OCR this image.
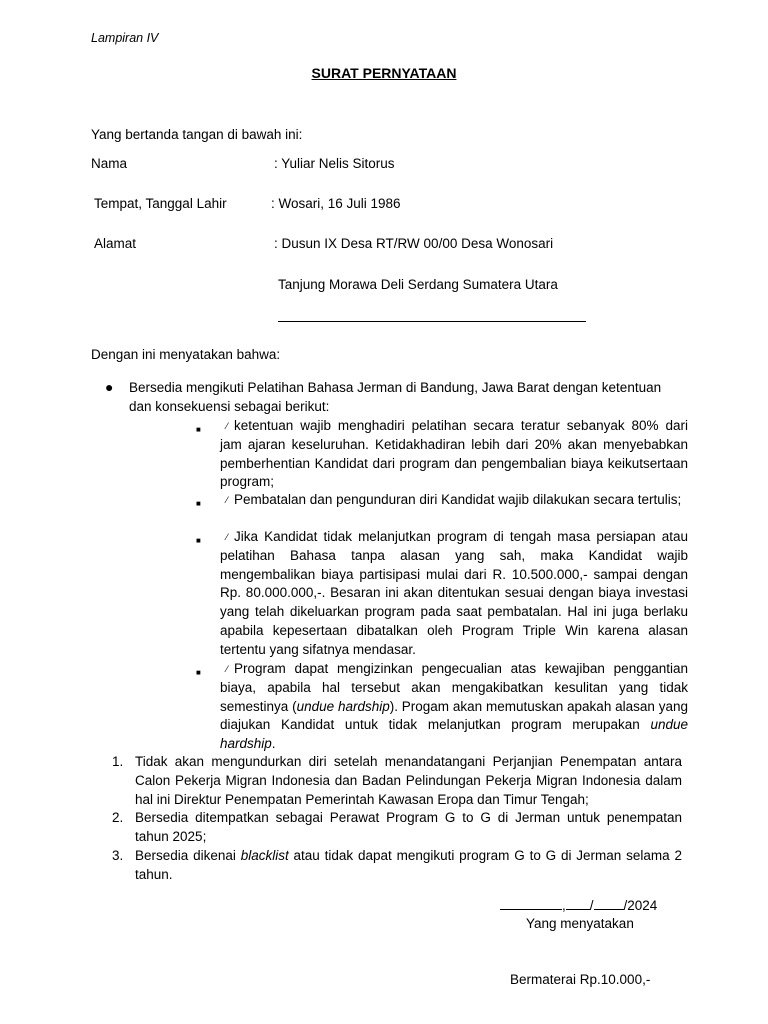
Lampiran IV
SURAT PERNYATAAN
Yang bertanda tangan di bawah ini:
Nama	: Yuliar Nelis Sitorus
Tempat, Tanggal Lahir	: Wosari, 16 Juli 1986
Alamat	: Dusun IX Desa RT/RW 00/00 Desa Wonosari
Tanjung Morawa Deli Serdang Sumatera Utara
Dengan ini menyatakan bahwa:
●	Bersedia mengikuti Pelatihan Bahasa Jerman di Bandung, Jawa Barat dengan ketentuan dan konsekuensi sebagai berikut:
■	⁄ ketentuan wajib menghadiri pelatihan secara teratur sebanyak 80% dari jam ajaran keseluruhan. Ketidakhadiran lebih dari 20% akan menyebabkan pemberhentian Kandidat dari program dan pengembalian biaya keikutsertaan program;
■	⁄ Pembatalan dan pengunduran diri Kandidat wajib dilakukan secara tertulis;
■	⁄ Jika Kandidat tidak melanjutkan program di tengah masa persiapan atau pelatihan Bahasa tanpa alasan yang sah, maka Kandidat wajib mengembalikan biaya partisipasi mulai dari R. 10.500.000,- sampai dengan Rp. 80.000.000,-. Besaran ini akan ditentukan sesuai dengan biaya investasi yang telah dikeluarkan program pada saat pembatalan. Hal ini juga berlaku apabila kepesertaan dibatalkan oleh Program Triple Win karena alasan tertentu yang sifatnya mendasar.
■	⁄ Program dapat mengizinkan pengecualian atas kewajiban penggantian biaya, apabila hal tersebut akan mengakibatkan kesulitan yang tidak semestinya (undue hardship). Progam akan memutuskan apakah alasan yang diajukan Kandidat untuk tidak melanjutkan program merupakan undue hardship.
1. Tidak akan mengundurkan diri setelah menandatangani Perjanjian Penempatan antara Calon Pekerja Migran Indonesia dan Badan Pelindungan Pekerja Migran Indonesia dalam hal ini Direktur Penempatan Pemerintah Kawasan Eropa dan Timur Tengah;
2. Bersedia ditempatkan sebagai Perawat Program G to G di Jerman untuk penempatan tahun 2025;
3. Bersedia dikenai blacklist atau tidak dapat mengikuti program G to G di Jerman selama 2 tahun.
, / /2024
Yang menyatakan
Bermaterai Rp.10.000,-
